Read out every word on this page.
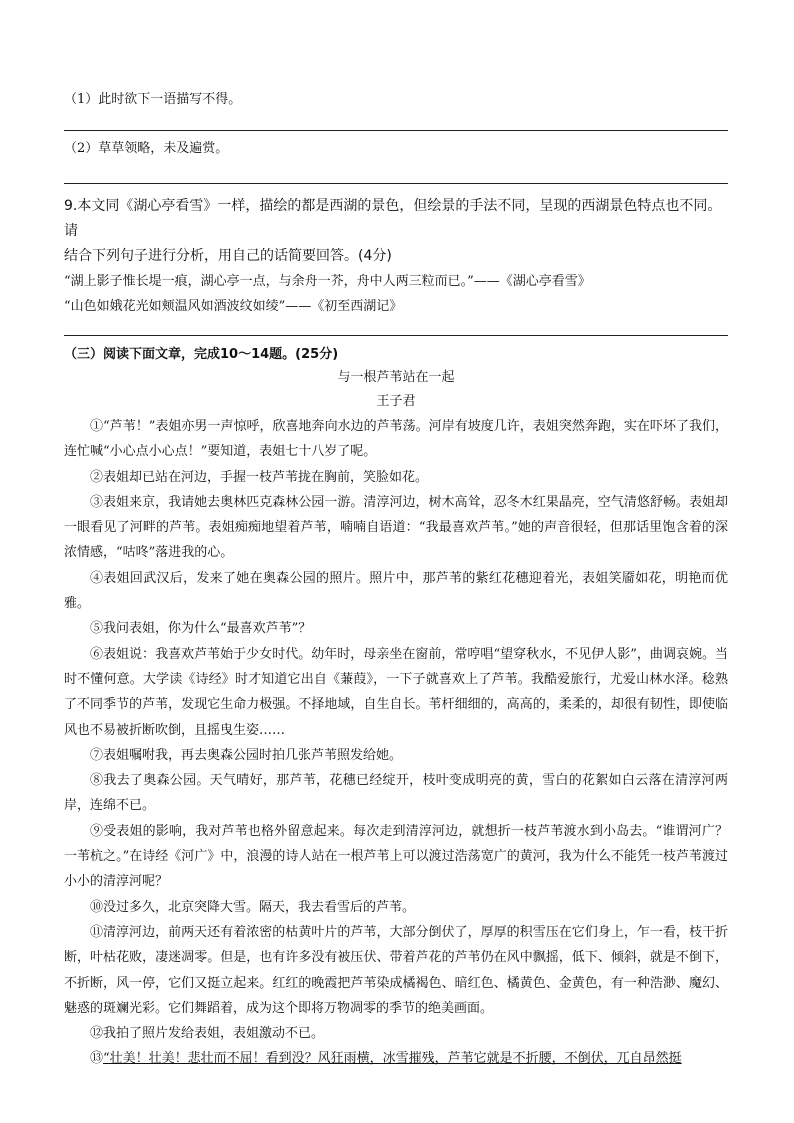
（1）此时欲下一语描写不得。

（2）草草领略，未及遍赏。

9.本文同《湖心亭看雪》一样，描绘的都是西湖的景色，但绘景的手法不同，呈现的西湖景色特点也不同。请

结合下列句子进行分析，用自己的话简要回答。(4分)

“湖上影子惟长堤一痕，湖心亭一点，与余舟一芥，舟中人两三粒而已。”——《湖心亭看雪》

“山色如娥花光如颊温风如酒波纹如绫”——《初至西湖记》

（三）阅读下面文章，完成10～14题。(25分)

与一根芦苇站在一起

王子君

①“芦苇！”表姐亦男一声惊呼，欣喜地奔向水边的芦苇荡。河岸有坡度几许，表姐突然奔跑，实在吓坏了我们，连忙喊“小心点小心点！”要知道，表姐七十八岁了呢。

②表姐却已站在河边，手握一枝芦苇拢在胸前，笑脸如花。

③表姐来京，我请她去奥林匹克森林公园一游。清淳河边，树木高耸，忍冬木红果晶亮，空气清悠舒畅。表姐却一眼看见了河畔的芦苇。表姐痴痴地望着芦苇，喃喃自语道：“我最喜欢芦苇。”她的声音很轻，但那话里饱含着的深浓情感，“咕咚”落进我的心。

④表姐回武汉后，发来了她在奥森公园的照片。照片中，那芦苇的紫红花穗迎着光，表姐笑靥如花，明艳而优雅。

⑤我问表姐，你为什么“最喜欢芦苇”？

⑥表姐说：我喜欢芦苇始于少女时代。幼年时，母亲坐在窗前，常哼唱“望穿秋水，不见伊人影”，曲调哀婉。当时不懂何意。大学读《诗经》时才知道它出自《蒹葭》，一下子就喜欢上了芦苇。我酷爱旅行，尤爱山林水泽。稔熟了不同季节的芦苇，发现它生命力极强。不择地域，自生自长。苇杆细细的，高高的，柔柔的，却很有韧性，即使临风也不易被折断吹倒，且摇曳生姿……

⑦表姐嘱咐我，再去奥森公园时拍几张芦苇照发给她。

⑧我去了奥森公园。天气晴好，那芦苇，花穗已经绽开，枝叶变成明亮的黄，雪白的花絮如白云落在清淳河两岸，连绵不已。

⑨受表姐的影响，我对芦苇也格外留意起来。每次走到清淳河边，就想折一枝芦苇渡水到小岛去。“谁谓河广？一苇杭之。”在诗经《河广》中，浪漫的诗人站在一根芦苇上可以渡过浩荡宽广的黄河，我为什么不能凭一枝芦苇渡过小小的清淳河呢？

⑩没过多久，北京突降大雪。隔天，我去看雪后的芦苇。

⑪清淳河边，前两天还有着浓密的枯黄叶片的芦苇，大部分倒伏了，厚厚的积雪压在它们身上，乍一看，枝干折断，叶枯花败，凄迷凋零。但是，也有许多没有被压伏、带着芦花的芦苇仍在风中飘摇，低下、倾斜，就是不倒下，不折断，风一停，它们又挺立起来。红红的晚霞把芦苇染成橘褐色、暗红色、橘黄色、金黄色，有一种浩渺、魔幻、魅惑的斑斓光彩。它们舞蹈着，成为这个即将万物凋零的季节的绝美画面。

⑫我拍了照片发给表姐，表姐激动不已。

⑬“壮美！壮美！悲壮而不屈！看到没？风狂雨横，冰雪摧残，芦苇它就是不折腰，不倒伏，兀自昂然挺
